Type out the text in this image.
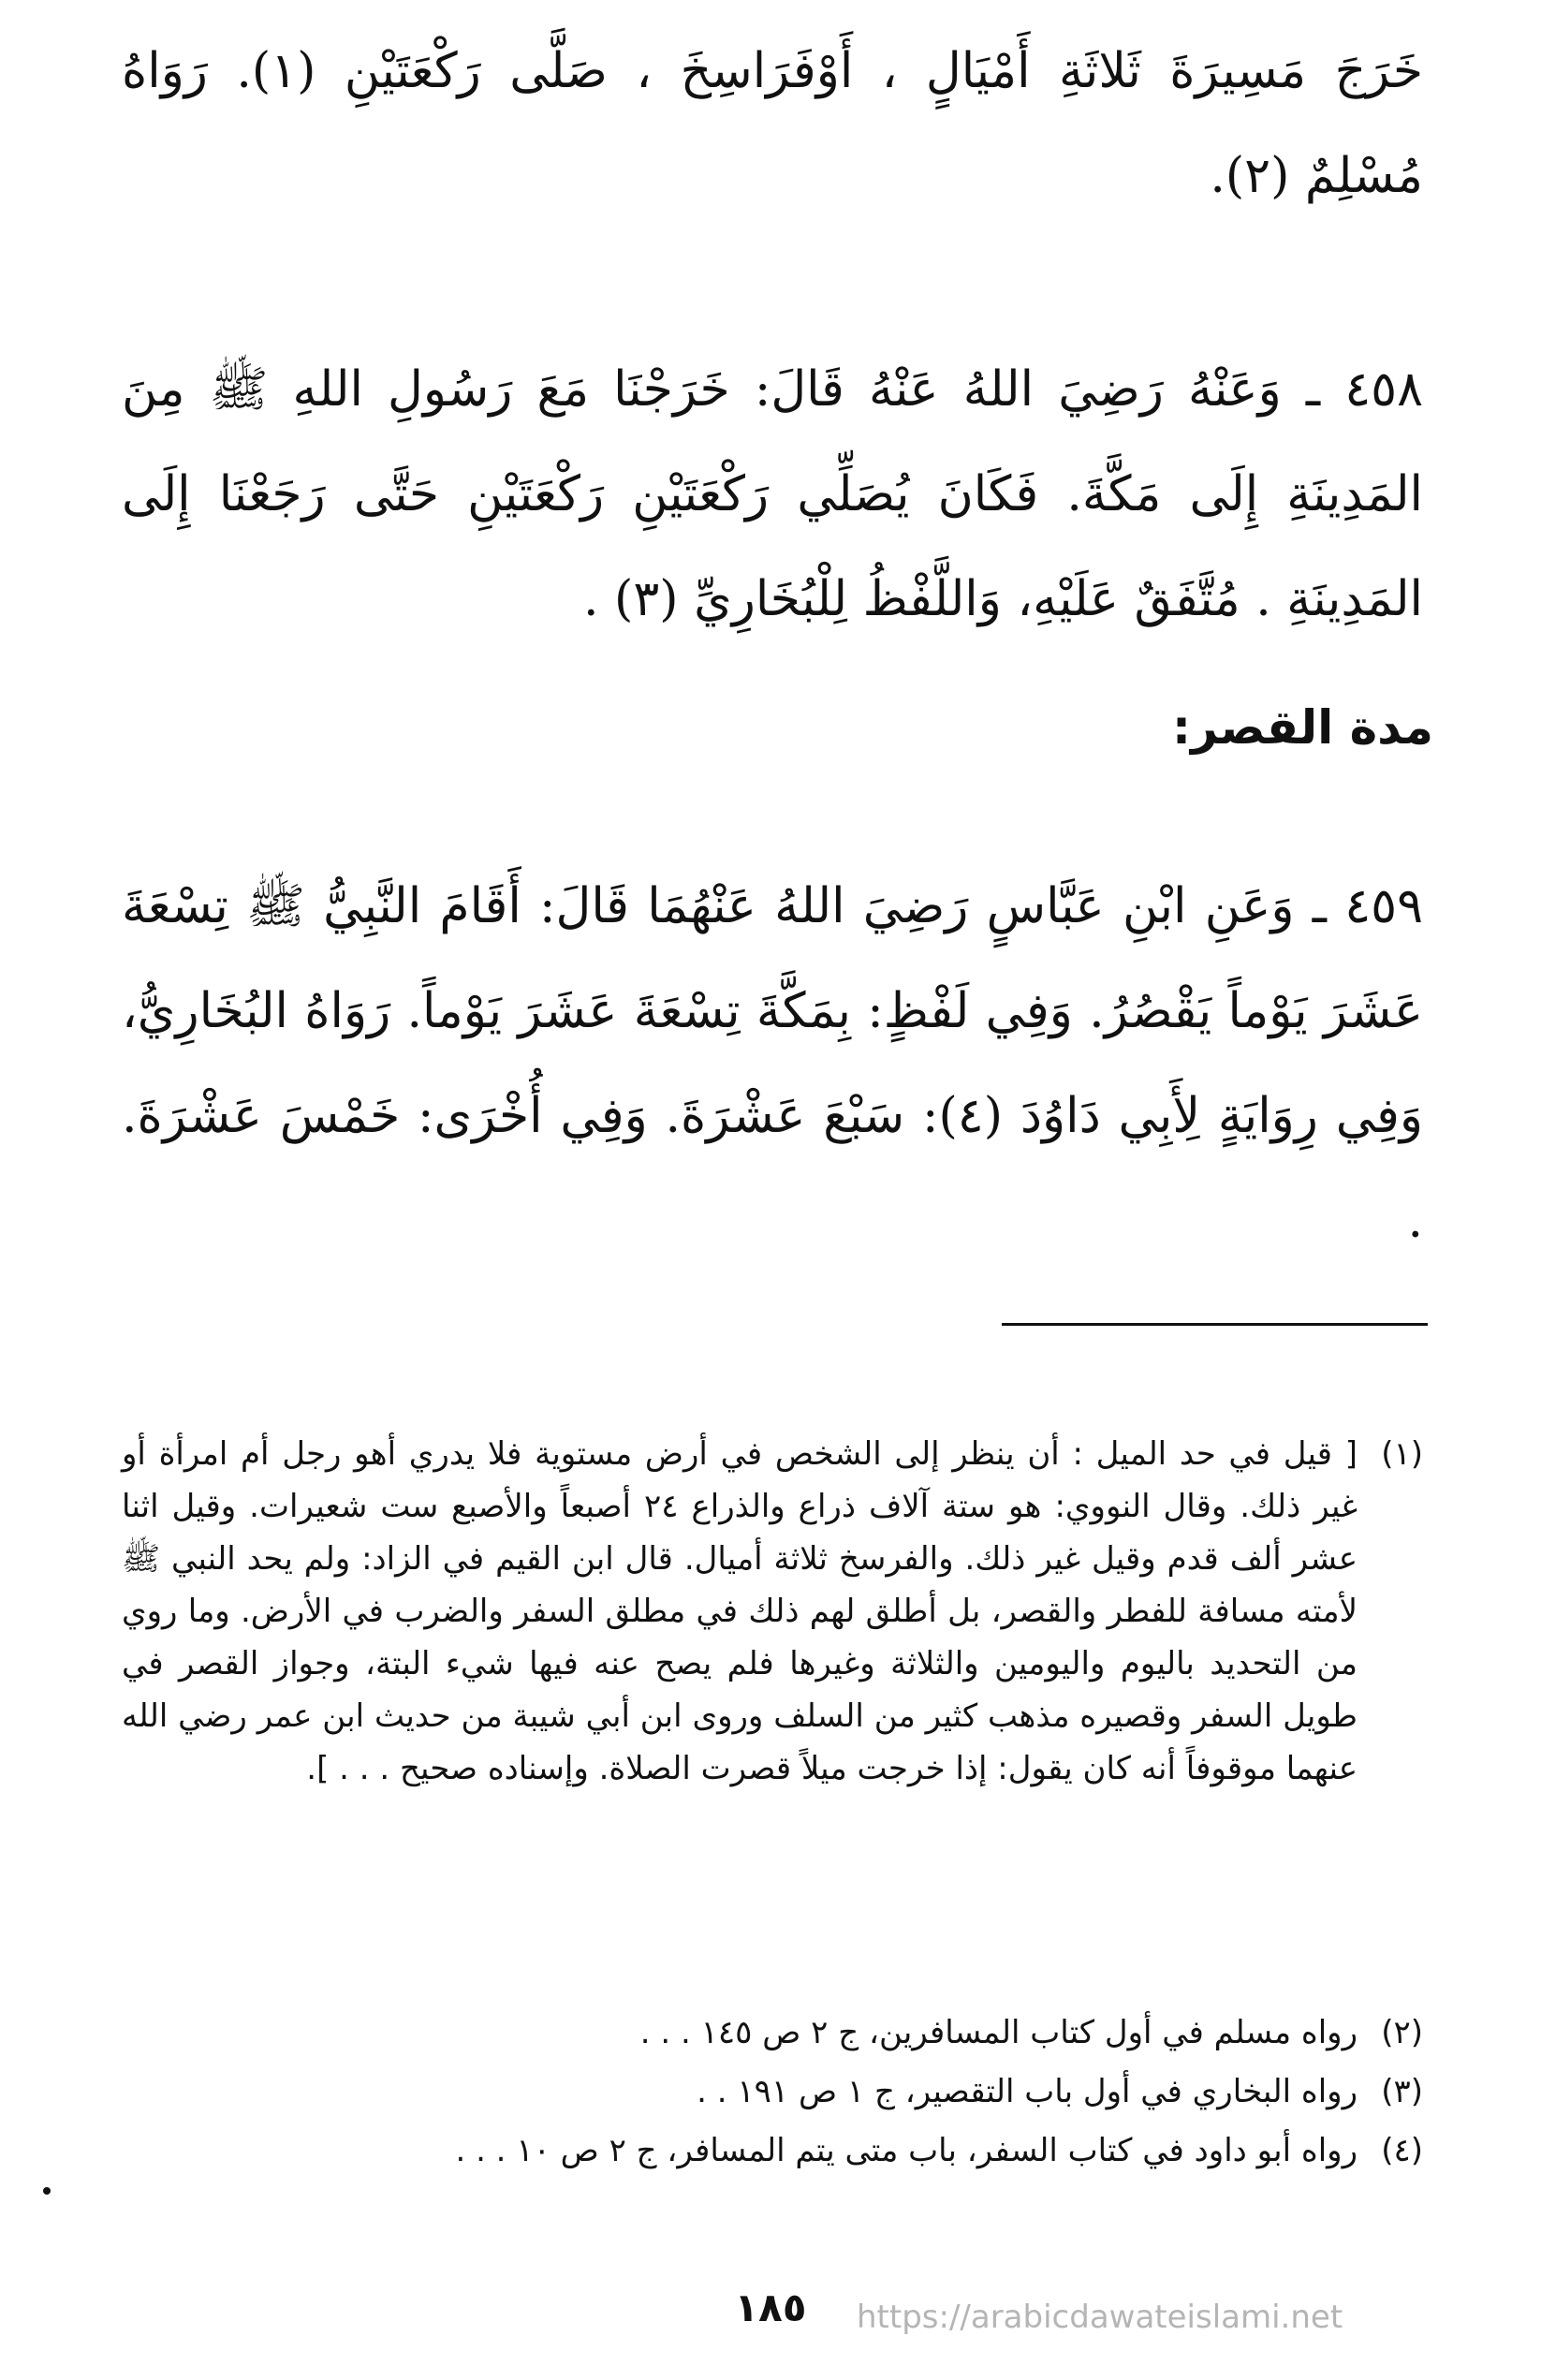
خَرَجَ مَسِيرَةَ ثَلاثَةِ أَمْيَالٍ ، أَوْفَرَاسِخَ ، صَلَّى رَكْعَتَيْنِ (١). رَوَاهُ مُسْلِمٌ (٢).

٤٥٨ ـ وَعَنْهُ رَضِيَ اللهُ عَنْهُ قَالَ: خَرَجْنَا مَعَ رَسُولِ اللهِ ﷺ مِنَ المَدِينَةِ إِلَى مَكَّةَ. فَكَانَ يُصَلِّي رَكْعَتَيْنِ رَكْعَتَيْنِ حَتَّى رَجَعْنَا إِلَى المَدِينَةِ . مُتَّفَقٌ عَلَيْهِ، وَاللَّفْظُ لِلْبُخَارِيِّ (٣) .

مدة القصر:

٤٥٩ ـ وَعَنِ ابْنِ عَبَّاسٍ رَضِيَ اللهُ عَنْهُمَا قَالَ: أَقَامَ النَّبِيُّ ﷺ تِسْعَةَ عَشَرَ يَوْماً يَقْصُرُ. وَفِي لَفْظٍ: بِمَكَّةَ تِسْعَةَ عَشَرَ يَوْماً. رَوَاهُ البُخَارِيُّ، وَفِي رِوَايَةٍ لِأَبِي دَاوُدَ (٤): سَبْعَ عَشْرَةَ. وَفِي أُخْرَى: خَمْسَ عَشْرَةَ. .

(١)
[ قيل في حد الميل : أن ينظر إلى الشخص في أرض مستوية فلا يدري أهو رجل أم امرأة أو غير ذلك. وقال النووي: هو ستة آلاف ذراع والذراع ٢٤ أصبعاً والأصبع ست شعيرات. وقيل اثنا عشر ألف قدم وقيل غير ذلك. والفرسخ ثلاثة أميال. قال ابن القيم في الزاد: ولم يحد النبي ﷺ لأمته مسافة للفطر والقصر، بل أطلق لهم ذلك في مطلق السفر والضرب في الأرض. وما روي من التحديد باليوم واليومين والثلاثة وغيرها فلم يصح عنه فيها شيء البتة، وجواز القصر في طويل السفر وقصيره مذهب كثير من السلف وروى ابن أبي شيبة من حديث ابن عمر رضي الله عنهما موقوفاً أنه كان يقول: إذا خرجت ميلاً قصرت الصلاة. وإسناده صحيح . . . ].
(٢)
رواه مسلم في أول كتاب المسافرين، ج ٢ ص ١٤٥ . . .
(٣)
رواه البخاري في أول باب التقصير، ج ١ ص ١٩١ . .
(٤)
رواه أبو داود في كتاب السفر، باب متى يتم المسافر، ج ٢ ص ١٠ . . .
١٨٥	https://arabicdawateislami.net
